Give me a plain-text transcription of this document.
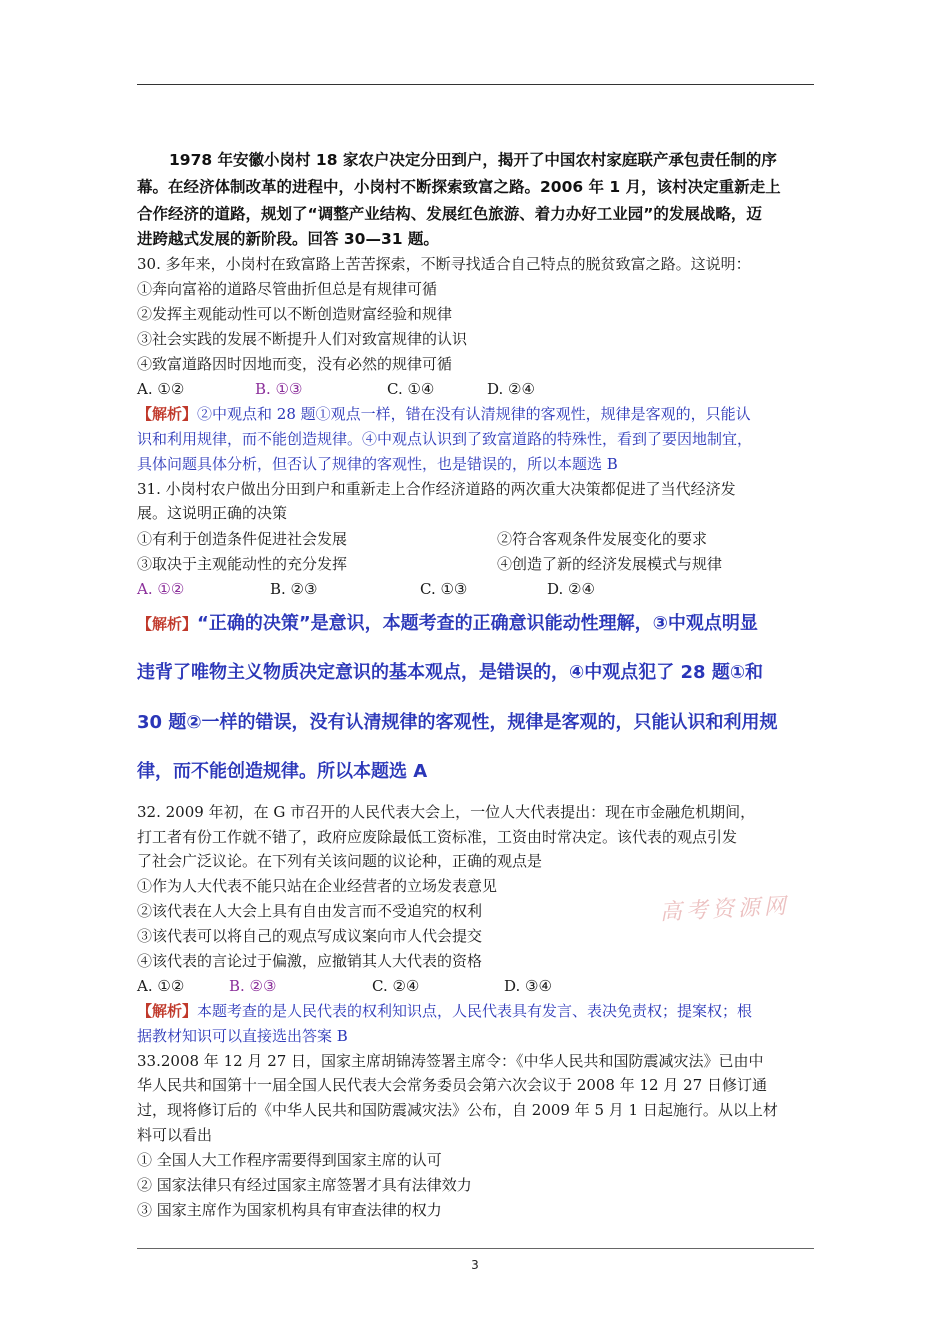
1978 年安徽小岗村 18 家农户决定分田到户，揭开了中国农村家庭联产承包责任制的序
幕。在经济体制改革的进程中，小岗村不断探索致富之路。2006 年 1 月，该村决定重新走上
合作经济的道路，规划了“调整产业结构、发展红色旅游、着力办好工业园”的发展战略，迈
进跨越式发展的新阶段。回答 30—31 题。
30. 多年来，小岗村在致富路上苦苦探索，不断寻找适合自己特点的脱贫致富之路。这说明：
①奔向富裕的道路尽管曲折但总是有规律可循
②发挥主观能动性可以不断创造财富经验和规律
③社会实践的发展不断提升人们对致富规律的认识
④致富道路因时因地而变，没有必然的规律可循
A. ①②	B. ①③	C. ①④	D. ②④
【解析】②中观点和 28 题①观点一样，错在没有认清规律的客观性，规律是客观的，只能认
识和利用规律，而不能创造规律。④中观点认识到了致富道路的特殊性，看到了要因地制宜，
具体问题具体分析，但否认了规律的客观性，也是错误的，所以本题选 B
31. 小岗村农户做出分田到户和重新走上合作经济道路的两次重大决策都促进了当代经济发
展。这说明正确的决策
①有利于创造条件促进社会发展	②符合客观条件发展变化的要求
③取决于主观能动性的充分发挥	④创造了新的经济发展模式与规律
A. ①②	B. ②③	C. ①③	D. ②④
【解析】“正确的决策”是意识，本题考查的正确意识能动性理解，③中观点明显
违背了唯物主义物质决定意识的基本观点，是错误的，④中观点犯了 28 题①和
30 题②一样的错误，没有认清规律的客观性，规律是客观的，只能认识和利用规
律，而不能创造规律。所以本题选 A
32. 2009 年初，在 G 市召开的人民代表大会上，一位人大代表提出：现在市金融危机期间，
打工者有份工作就不错了，政府应废除最低工资标准，工资由时常决定。该代表的观点引发
了社会广泛议论。在下列有关该问题的议论种，正确的观点是
①作为人大代表不能只站在企业经营者的立场发表意见
②该代表在人大会上具有自由发言而不受追究的权利
③该代表可以将自己的观点写成议案向市人代会提交
④该代表的言论过于偏激，应撤销其人大代表的资格
A. ①②	B. ②③	C. ②④	D. ③④
【解析】本题考查的是人民代表的权利知识点，人民代表具有发言、表决免责权；提案权；根
据教材知识可以直接选出答案 B
33.2008 年 12 月 27 日，国家主席胡锦涛签署主席令：《中华人民共和国防震减灾法》已由中
华人民共和国第十一届全国人民代表大会常务委员会第六次会议于 2008 年 12 月 27 日修订通
过，现将修订后的《中华人民共和国防震减灾法》公布，自 2009 年 5 月 1 日起施行。从以上材
料可以看出
① 全国人大工作程序需要得到国家主席的认可
② 国家法律只有经过国家主席签署才具有法律效力
③ 国家主席作为国家机构具有审查法律的权力
高考资源网
3
